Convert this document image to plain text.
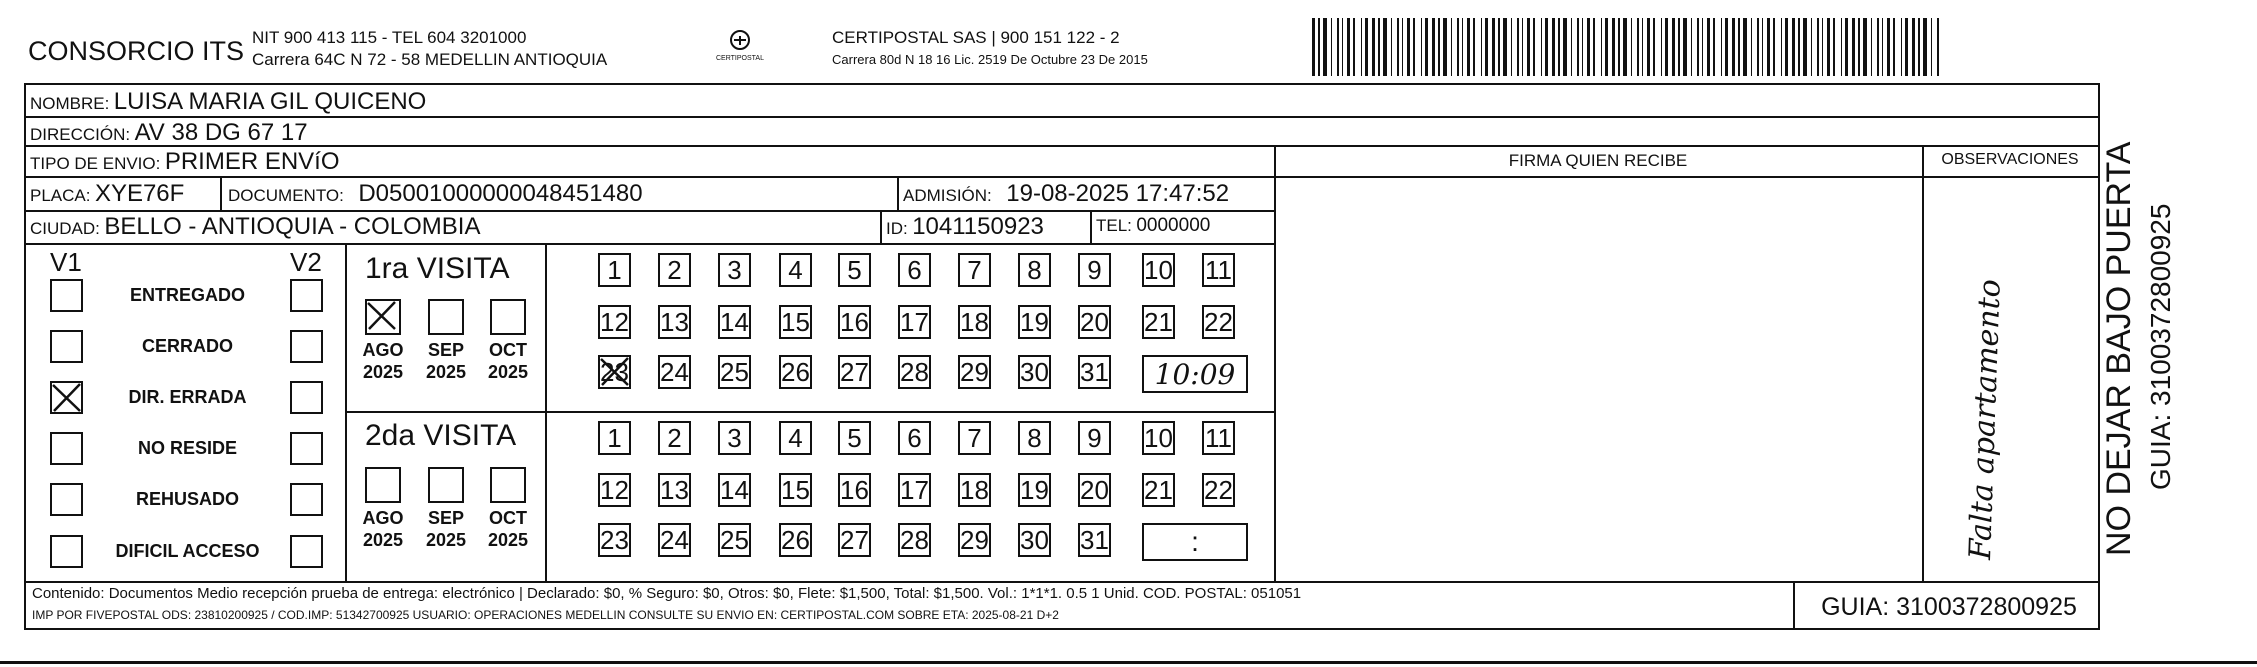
CONSORCIO ITS NIT 900 413 115 - TEL 604 3201000
Carrera 64C N 72 - 58 MEDELLIN ANTIOQUIA	CERTIPOSTAL
CERTIPOSTAL SAS | 900 151 122 - 2
Carrera 80d N 18 16 Lic. 2519 De Octubre 23 De 2015
NOMBRE: LUISA MARIA GIL QUICENO
DIRECCIÓN: AV 38 DG 67 17
TIPO DE ENVIO: PRIMER ENVíO
PLACA: XYE76F	DOCUMENTO: D05001000000048451480	ADMISIÓN: 19-08-2025 17:47:52
CIUDAD: BELLO - ANTIOQUIA - COLOMBIA	ID: 1041150923	TEL: 0000000
FIRMA QUIEN RECIBE	OBSERVACIONES
Falta apartamento
V1	V2
ENTREGADO
CERRADO
DIR. ERRADA
NO RESIDE
REHUSADO
DIFICIL ACCESO
1ra VISITA
2da VISITA
AGO
2025
SEP
2025
OCT
2025
1	2	3	4	5	6	7	8	9	10 11
12 13 14 15 16 17 18 19 20 21 22
23 24 25 26 27 28 29 30 31 10:09
AGO
2025
SEP
2025
OCT
2025
1	2	3	4	5	6	7	8	9	10 11
12 13 14 15 16 17 18 19 20 21 22
23 24 25 26 27 28 29 30 31	:
Contenido: Documentos Medio recepción prueba de entrega: electrónico | Declarado: $0, % Seguro: $0, Otros: $0, Flete: $1,500, Total: $1,500. Vol.: 1*1*1. 0.5 1 Unid. COD. POSTAL: 051051
IMP POR FIVEPOSTAL ODS: 23810200925 / COD.IMP: 51342700925 USUARIO: OPERACIONES MEDELLIN CONSULTE SU ENVIO EN: CERTIPOSTAL.COM SOBRE ETA: 2025-08-21 D+2	GUIA: 3100372800925
NO DEJAR BAJO PUERTA GUIA: 3100372800925
